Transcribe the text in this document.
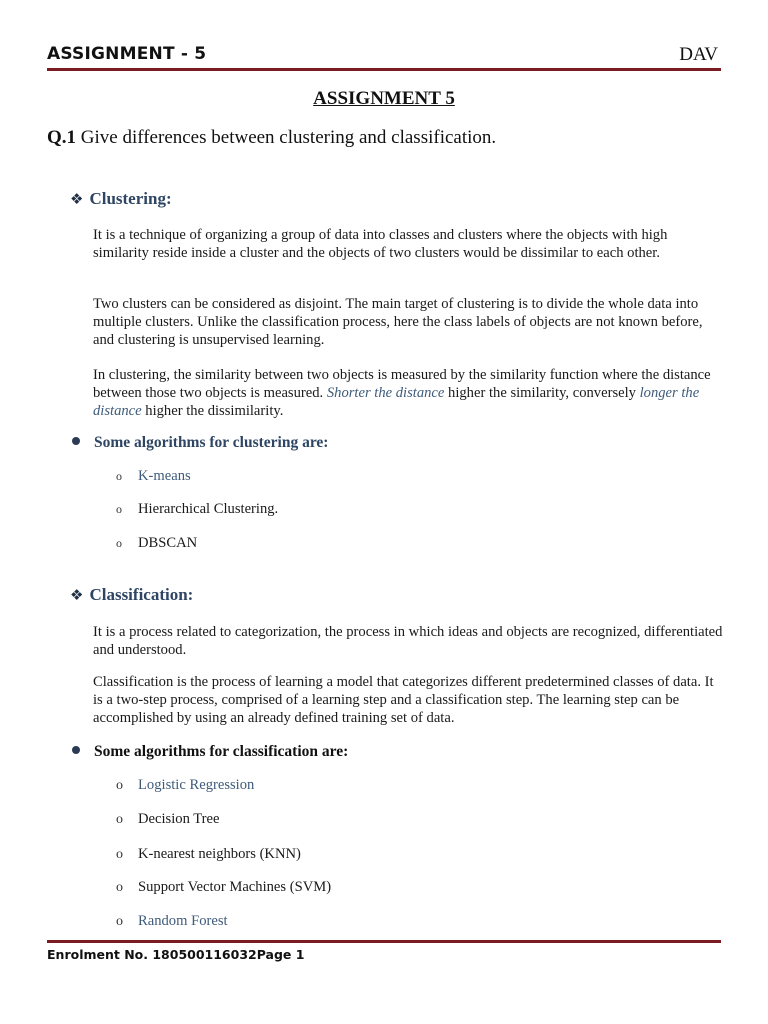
ASSIGNMENT - 5	DAV
ASSIGNMENT 5
Q.1 Give differences between clustering and classification.
❖ Clustering:
It is a technique of organizing a group of data into classes and clusters where the objects with high similarity reside inside a cluster and the objects of two clusters would be dissimilar to each other.
Two clusters can be considered as disjoint. The main target of clustering is to divide the whole data into multiple clusters. Unlike the classification process, here the class labels of objects are not known before, and clustering is unsupervised learning.
In clustering, the similarity between two objects is measured by the similarity function where the distance between those two objects is measured. Shorter the distance higher the similarity, conversely longer the distance higher the dissimilarity.
Some algorithms for clustering are:
o K-means
o Hierarchical Clustering.
o DBSCAN
❖ Classification:
It is a process related to categorization, the process in which ideas and objects are recognized, differentiated and understood.
Classification is the process of learning a model that categorizes different predetermined classes of data. It is a two-step process, comprised of a learning step and a classification step. The learning step can be accomplished by using an already defined training set of data.
Some algorithms for classification are:
o Logistic Regression
o Decision Tree
o K-nearest neighbors (KNN)
o Support Vector Machines (SVM)
o Random Forest
Enrolment No. 180500116032Page 1
